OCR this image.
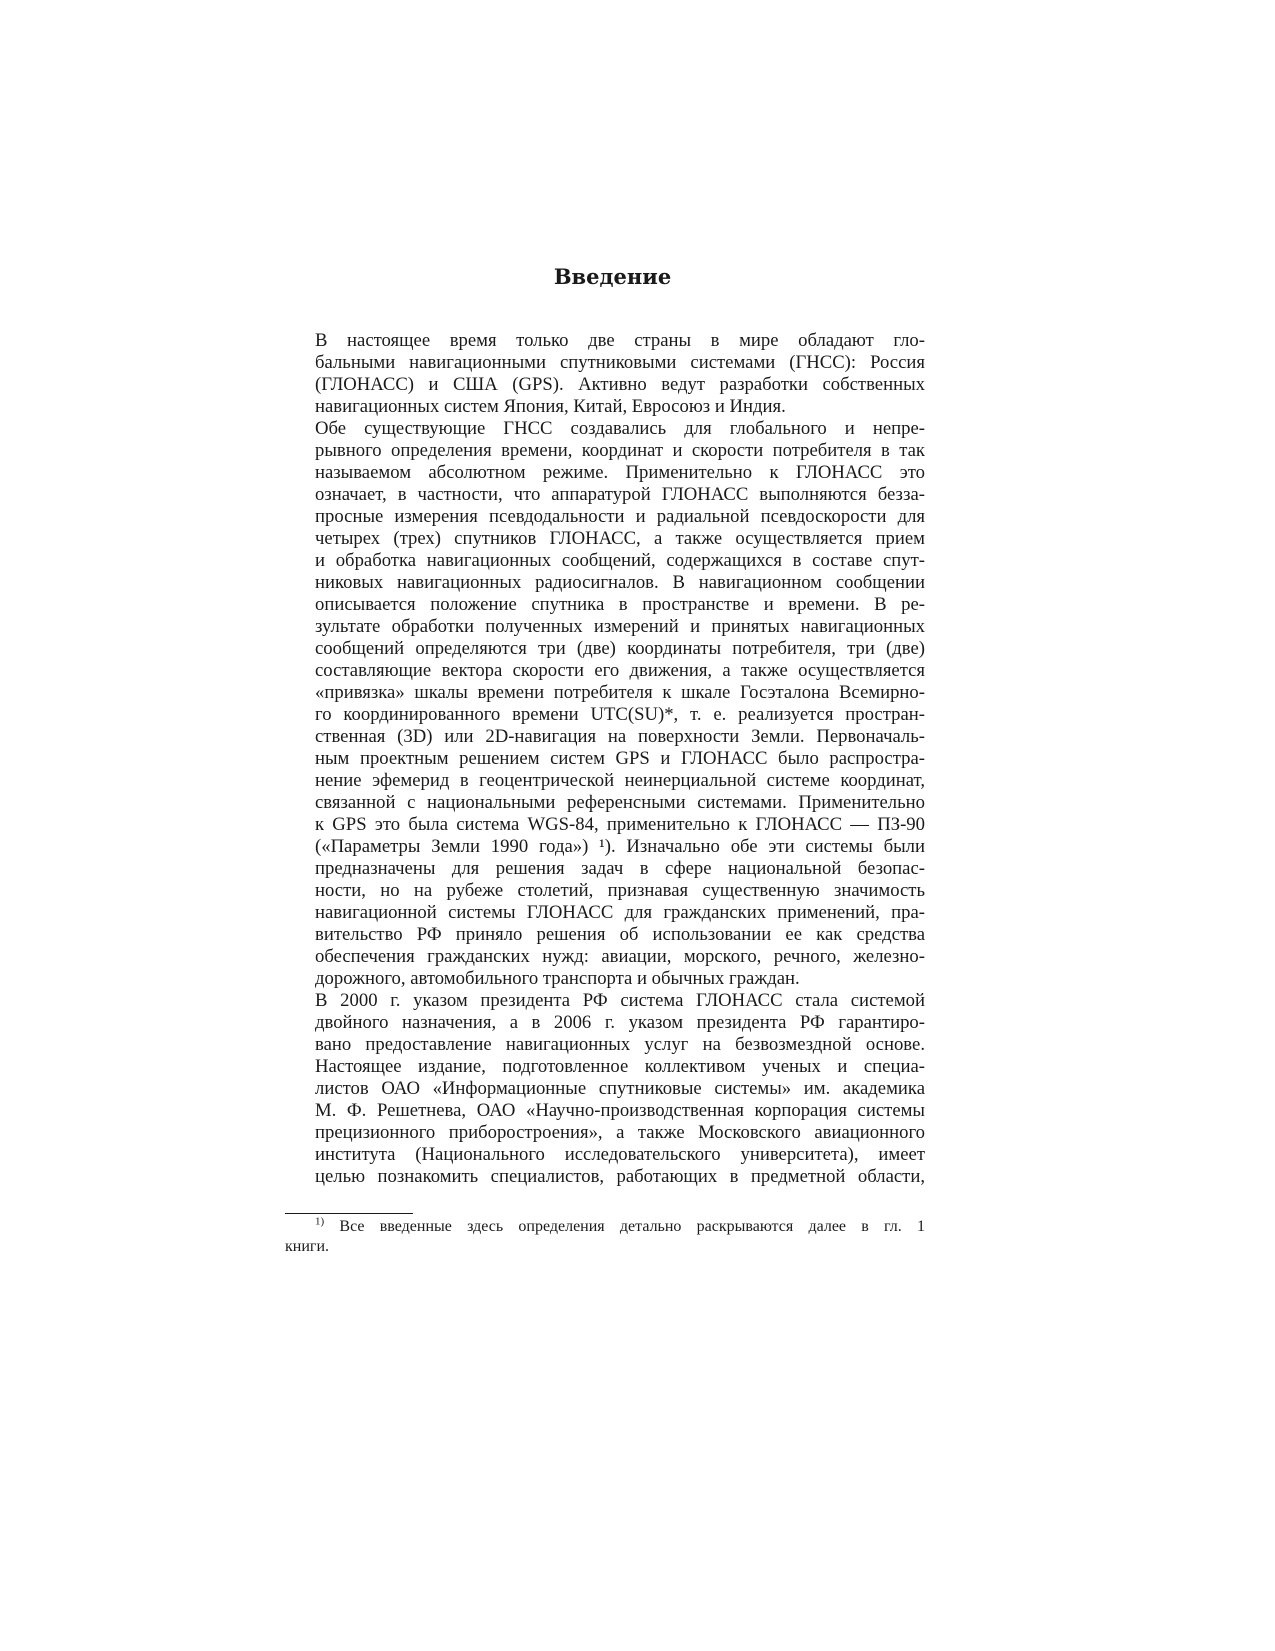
Введение

В настоящее время только две страны в мире обладают гло-
бальными навигационными спутниковыми системами (ГНСС): Россия
(ГЛОНАСС) и США (GPS). Активно ведут разработки собственных
навигационных систем Япония, Китай, Евросоюз и Индия.

Обе существующие ГНСС создавались для глобального и непре-
рывного определения времени, координат и скорости потребителя в так
называемом абсолютном режиме. Применительно к ГЛОНАСС это
означает, в частности, что аппаратурой ГЛОНАСС выполняются безза-
просные измерения псевдодальности и радиальной псевдоскорости для
четырех (трех) спутников ГЛОНАСС, а также осуществляется прием
и обработка навигационных сообщений, содержащихся в составе спут-
никовых навигационных радиосигналов. В навигационном сообщении
описывается положение спутника в пространстве и времени. В ре-
зультате обработки полученных измерений и принятых навигационных
сообщений определяются три (две) координаты потребителя, три (две)
составляющие вектора скорости его движения, а также осуществляется
«привязка» шкалы времени потребителя к шкале Госэталона Всемирно-
го координированного времени UTC(SU)*, т. е. реализуется простран-
ственная (3D) или 2D-навигация на поверхности Земли. Первоначаль-
ным проектным решением систем GPS и ГЛОНАСС было распростра-
нение эфемерид в геоцентрической неинерциальной системе координат,
связанной с национальными референсными системами. Применительно
к GPS это была система WGS-84, применительно к ГЛОНАСС — ПЗ-90
(«Параметры Земли 1990 года») ¹). Изначально обе эти системы были
предназначены для решения задач в сфере национальной безопас-
ности, но на рубеже столетий, признавая существенную значимость
навигационной системы ГЛОНАСС для гражданских применений, пра-
вительство РФ приняло решения об использовании ее как средства
обеспечения гражданских нужд: авиации, морского, речного, железно-
дорожного, автомобильного транспорта и обычных граждан.

В 2000 г. указом президента РФ система ГЛОНАСС стала системой
двойного назначения, а в 2006 г. указом президента РФ гарантиро-
вано предоставление навигационных услуг на безвозмездной основе.
Настоящее издание, подготовленное коллективом ученых и специа-
листов ОАО «Информационные спутниковые системы» им. академика
М. Ф. Решетнева, ОАО «Научно-производственная корпорация системы
прецизионного приборостроения», а также Московского авиационного
института (Национального исследовательского университета), имеет
целью познакомить специалистов, работающих в предметной области,

$^{1)}$ Все введенные здесь определения детально раскрываются далее в гл. 1
книги.
